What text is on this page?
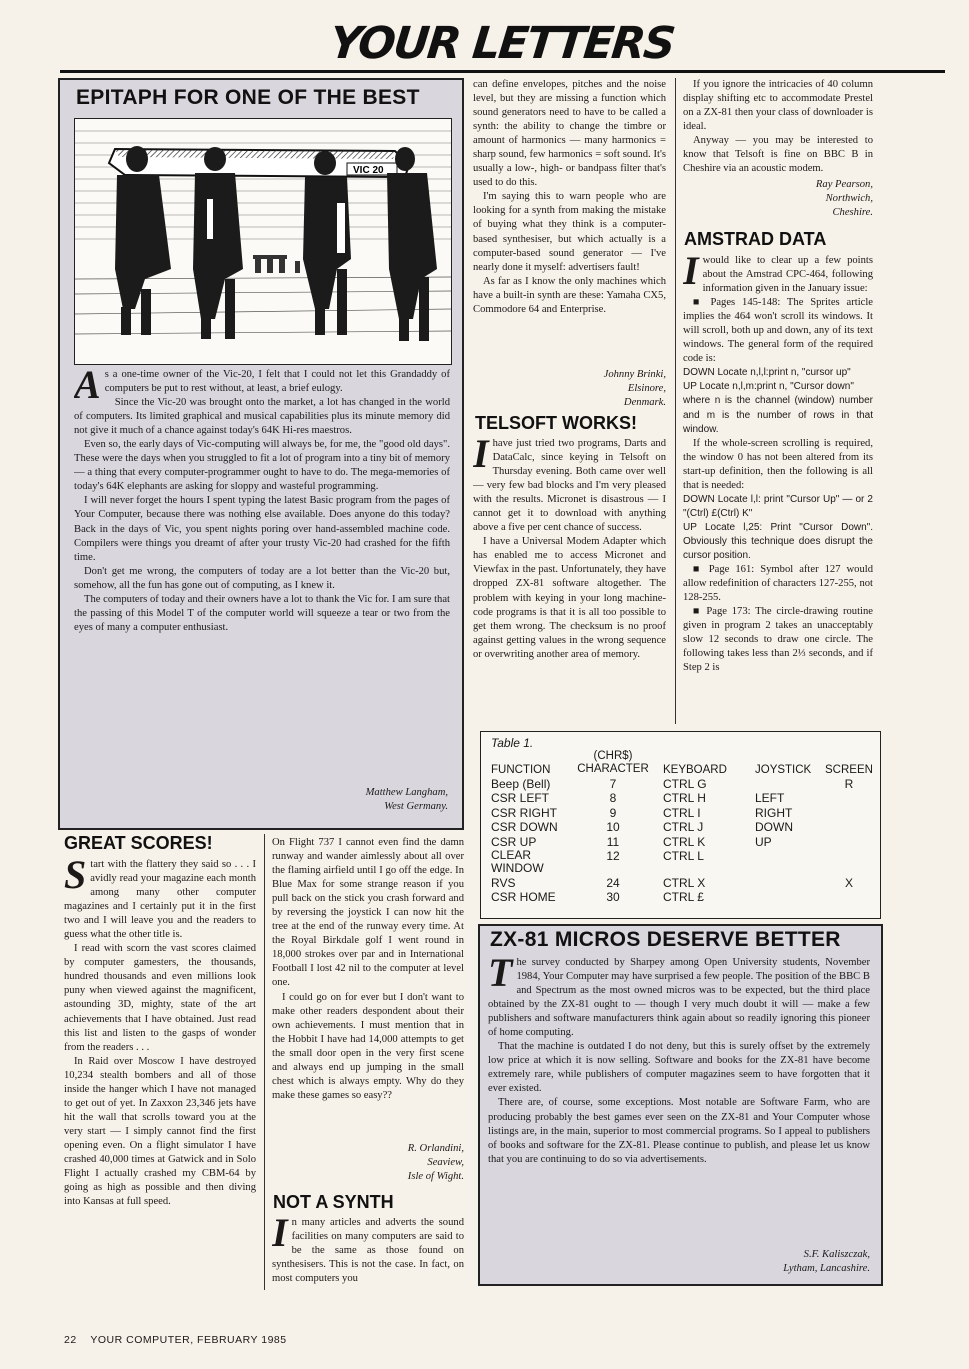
YOUR LETTERS
EPITAPH FOR ONE OF THE BEST
VIC 20

As a one-time owner of the Vic-20, I felt that I could not let this Grandaddy of computers be put to rest without, at least, a brief eulogy.

Since the Vic-20 was brought onto the market, a lot has changed in the world of computers. Its limited graphical and musical capabilities plus its minute memory did not give it much of a chance against today's 64K Hi-res maestros.

Even so, the early days of Vic-computing will always be, for me, the "good old days". These were the days when you struggled to fit a lot of program into a tiny bit of memory — a thing that every computer-programmer ought to have to do. The mega-memories of today's 64K elephants are asking for sloppy and wasteful programming.

I will never forget the hours I spent typing the latest Basic program from the pages of Your Computer, because there was nothing else available. Does anyone do this today? Back in the days of Vic, you spent nights poring over hand-assembled machine code. Compilers were things you dreamt of after your trusty Vic-20 had crashed for the fifth time.

Don't get me wrong, the computers of today are a lot better than the Vic-20 but, somehow, all the fun has gone out of computing, as I knew it.

The computers of today and their owners have a lot to thank the Vic for. I am sure that the passing of this Model T of the computer world will squeeze a tear or two from the eyes of many a computer enthusiast.

Matthew Langham,
West Germany.

can define envelopes, pitches and the noise level, but they are missing a function which sound generators need to have to be called a synth: the ability to change the timbre or amount of harmonics — many harmonics = sharp sound, few harmonics = soft sound. It's usually a low-, high- or bandpass filter that's used to do this.

I'm saying this to warn people who are looking for a synth from making the mistake of buying what they think is a computer-based synthesiser, but which actually is a computer-based sound generator — I've nearly done it myself: advertisers fault!

As far as I know the only machines which have a built-in synth are these: Yamaha CX5, Commodore 64 and Enterprise.

Johnny Brinki,
Elsinore,
Denmark.
TELSOFT WORKS!

Ihave just tried two programs, Darts and DataCalc, since keying in Telsoft on Thursday evening. Both came over well — very few bad blocks and I'm very pleased with the results. Micronet is disastrous — I cannot get it to download with anything above a five per cent chance of success.

I have a Universal Modem Adapter which has enabled me to access Micronet and Viewfax in the past. Unfortunately, they have dropped ZX-81 software altogether. The problem with keying in your long machine-code programs is that it is all too possible to get them wrong. The checksum is no proof against getting values in the wrong sequence or overwriting another area of memory.

If you ignore the intricacies of 40 column display shifting etc to accommodate Prestel on a ZX-81 then your class of downloader is ideal.

Anyway — you may be interested to know that Telsoft is fine on BBC B in Cheshire via an acoustic modem.

Ray Pearson,
Northwich,
Cheshire.
AMSTRAD DATA

Iwould like to clear up a few points about the Amstrad CPC-464, following information given in the January issue:

■ Pages 145-148: The Sprites article implies the 464 won't scroll its windows. It will scroll, both up and down, any of its text windows. The general form of the required code is:

DOWN Locate n,l,l:print n, "cursor up"

UP Locate n,l,m:print n, "Cursor down"

where n is the channel (window) number and m is the number of rows in that window.

If the whole-screen scrolling is required, the window 0 has not been altered from its start-up definition, then the following is all that is needed:

DOWN Locate l,l: print "Cursor Up" — or 2 "(Ctrl) £(Ctrl) K"

UP Locate l,25: Print "Cursor Down". Obviously this technique does disrupt the cursor position.

■ Page 161: Symbol after 127 would allow redefinition of characters 127-255, not 128-255.

■ Page 173: The circle-drawing routine given in program 2 takes an unacceptably slow 12 seconds to draw one circle. The following takes less than 2⅓ seconds, and if Step 2 is

Table 1.
FUNCTION	(CHR$) CHARACTER	KEYBOARD	JOYSTICK	SCREEN
Beep (Bell)	7	CTRL G		R
CSR LEFT	8	CTRL H	LEFT	
CSR RIGHT	9	CTRL I	RIGHT	
CSR DOWN	10	CTRL J	DOWN	
CSR UP	11	CTRL K	UP	
CLEAR WINDOW	12	CTRL L		
RVS	24	CTRL X		X
CSR HOME	30	CTRL £		
GREAT SCORES!

Start with the flattery they said so . . . I avidly read your magazine each month among many other computer magazines and I certainly put it in the first two and I will leave you and the readers to guess what the other title is.

I read with scorn the vast scores claimed by computer gamesters, the thousands, hundred thousands and even millions look puny when viewed against the magnificent, astounding 3D, mighty, state of the art achievements that I have obtained. Just read this list and listen to the gasps of wonder from the readers . . .

In Raid over Moscow I have destroyed 10,234 stealth bombers and all of those inside the hanger which I have not managed to get out of yet. In Zaxxon 23,346 jets have hit the wall that scrolls toward you at the very start — I simply cannot find the first opening even. On a flight simulator I have crashed 40,000 times at Gatwick and in Solo Flight I actually crashed my CBM-64 by going as high as possible and then diving into Kansas at full speed.

On Flight 737 I cannot even find the damn runway and wander aimlessly about all over the flaming airfield until I go off the edge. In Blue Max for some strange reason if you pull back on the stick you crash forward and by reversing the joystick I can now hit the tree at the end of the runway every time. At the Royal Birkdale golf I went round in 18,000 strokes over par and in International Football I lost 42 nil to the computer at level one.

I could go on for ever but I don't want to make other readers despondent about their own achievements. I must mention that in the Hobbit I have had 14,000 attempts to get the small door open in the very first scene and always end up jumping in the small chest which is always empty. Why do they make these games so easy??

R. Orlandini,
Seaview,
Isle of Wight.
NOT A SYNTH

In many articles and adverts the sound facilities on many computers are said to be the same as those found on synthesisers. This is not the case. In fact, on most computers you

ZX-81 MICROS DESERVE BETTER

The survey conducted by Sharpey among Open University students, November 1984, Your Computer may have surprised a few people. The position of the BBC B and Spectrum as the most owned micros was to be expected, but the third place obtained by the ZX-81 ought to — though I very much doubt it will — make a few publishers and software manufacturers think again about so readily ignoring this pioneer of home computing.

That the machine is outdated I do not deny, but this is surely offset by the extremely low price at which it is now selling. Software and books for the ZX-81 have become extremely rare, while publishers of computer magazines seem to have forgotten that it ever existed.

There are, of course, some exceptions. Most notable are Software Farm, who are producing probably the best games ever seen on the ZX-81 and Your Computer whose listings are, in the main, superior to most commercial programs. So I appeal to publishers of books and software for the ZX-81. Please continue to publish, and please let us know that you are continuing to do so via advertisements.

S.F. Kaliszczak,
Lytham, Lancashire.
22 YOUR COMPUTER, FEBRUARY 1985
